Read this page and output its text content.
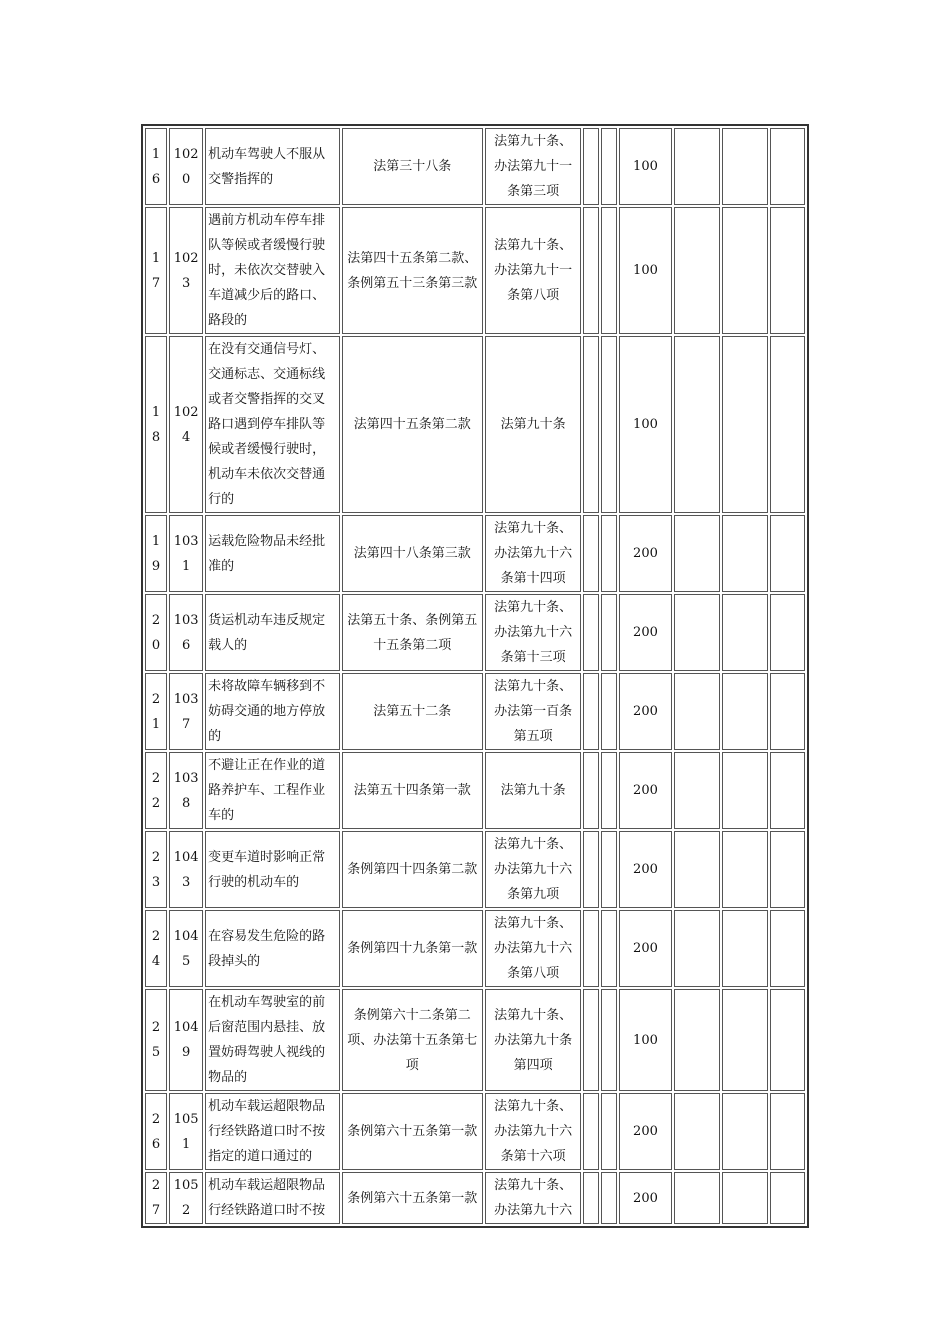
16	1020	机动车驾驶人不服从交警指挥的	法第三十八条	法第九十条、办法第九十一条第三项			100			
17	1023	遇前方机动车停车排队等候或者缓慢行驶时，未依次交替驶入车道减少后的路口、路段的	法第四十五条第二款、条例第五十三条第三款	法第九十条、办法第九十一条第八项			100			
18	1024	在没有交通信号灯、交通标志、交通标线或者交警指挥的交叉路口遇到停车排队等候或者缓慢行驶时，机动车未依次交替通行的	法第四十五条第二款	法第九十条			100			
19	1031	运载危险物品未经批准的	法第四十八条第三款	法第九十条、办法第九十六条第十四项			200			
20	1036	货运机动车违反规定载人的	法第五十条、条例第五十五条第二项	法第九十条、办法第九十六条第十三项			200			
21	1037	未将故障车辆移到不妨碍交通的地方停放的	法第五十二条	法第九十条、办法第一百条第五项			200			
22	1038	不避让正在作业的道路养护车、工程作业车的	法第五十四条第一款	法第九十条			200			
23	1043	变更车道时影响正常行驶的机动车的	条例第四十四条第二款	法第九十条、办法第九十六条第九项			200			
24	1045	在容易发生危险的路段掉头的	条例第四十九条第一款	法第九十条、办法第九十六条第八项			200			
25	1049	在机动车驾驶室的前后窗范围内悬挂、放置妨碍驾驶人视线的物品的	条例第六十二条第二项、办法第十五条第七项	法第九十条、办法第九十条第四项			100			
26	1051	机动车载运超限物品行经铁路道口时不按指定的道口通过的	条例第六十五条第一款	法第九十条、办法第九十六条第十六项			200			
27	1052	机动车载运超限物品行经铁路道口时不按	条例第六十五条第一款	法第九十条、办法第九十六			200			
